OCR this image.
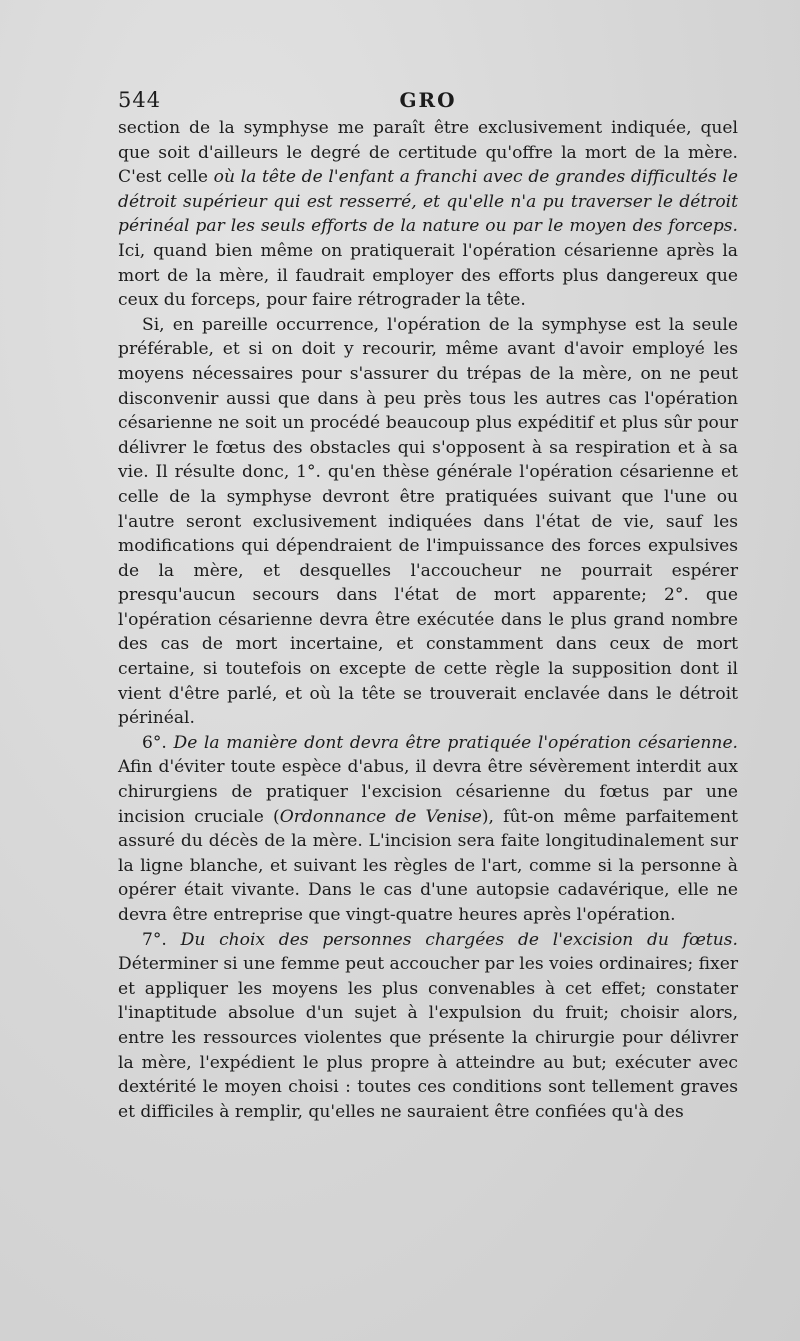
544	GRO

section de la symphyse me paraît être exclusivement indiquée, quel que soit d'ailleurs le degré de certitude qu'offre la mort de la mère. C'est celle où la tête de l'enfant a franchi avec de grandes difficultés le détroit supérieur qui est resserré, et qu'elle n'a pu traverser le détroit périnéal par les seuls efforts de la nature ou par le moyen des forceps. Ici, quand bien même on pratiquerait l'opération césarienne après la mort de la mère, il faudrait employer des efforts plus dangereux que ceux du forceps, pour faire rétrograder la tête.

Si, en pareille occurrence, l'opération de la symphyse est la seule préférable, et si on doit y recourir, même avant d'avoir employé les moyens nécessaires pour s'assurer du trépas de la mère, on ne peut disconvenir aussi que dans à peu près tous les autres cas l'opération césarienne ne soit un procédé beaucoup plus expéditif et plus sûr pour délivrer le fœtus des obstacles qui s'opposent à sa respiration et à sa vie. Il résulte donc, 1°. qu'en thèse générale l'opération césarienne et celle de la symphyse devront être pratiquées suivant que l'une ou l'autre seront exclusivement indiquées dans l'état de vie, sauf les modifications qui dépendraient de l'impuissance des forces expulsives de la mère, et desquelles l'accoucheur ne pourrait espérer presqu'aucun secours dans l'état de mort apparente; 2°. que l'opération césarienne devra être exécutée dans le plus grand nombre des cas de mort incertaine, et constamment dans ceux de mort certaine, si toutefois on excepte de cette règle la supposition dont il vient d'être parlé, et où la tête se trouverait enclavée dans le détroit périnéal.

6°. De la manière dont devra être pratiquée l'opération césarienne. Afin d'éviter toute espèce d'abus, il devra être sévèrement interdit aux chirurgiens de pratiquer l'excision césarienne du fœtus par une incision cruciale (Ordonnance de Venise), fût-on même parfaitement assuré du décès de la mère. L'incision sera faite longitudinalement sur la ligne blanche, et suivant les règles de l'art, comme si la personne à opérer était vivante. Dans le cas d'une autopsie cadavérique, elle ne devra être entreprise que vingt-quatre heures après l'opération.

7°. Du choix des personnes chargées de l'excision du fœtus. Déterminer si une femme peut accoucher par les voies ordinaires; fixer et appliquer les moyens les plus convenables à cet effet; constater l'inaptitude absolue d'un sujet à l'expulsion du fruit; choisir alors, entre les ressources violentes que présente la chirurgie pour délivrer la mère, l'expédient le plus propre à atteindre au but; exécuter avec dextérité le moyen choisi : toutes ces conditions sont tellement graves et difficiles à remplir, qu'elles ne sauraient être confiées qu'à des
